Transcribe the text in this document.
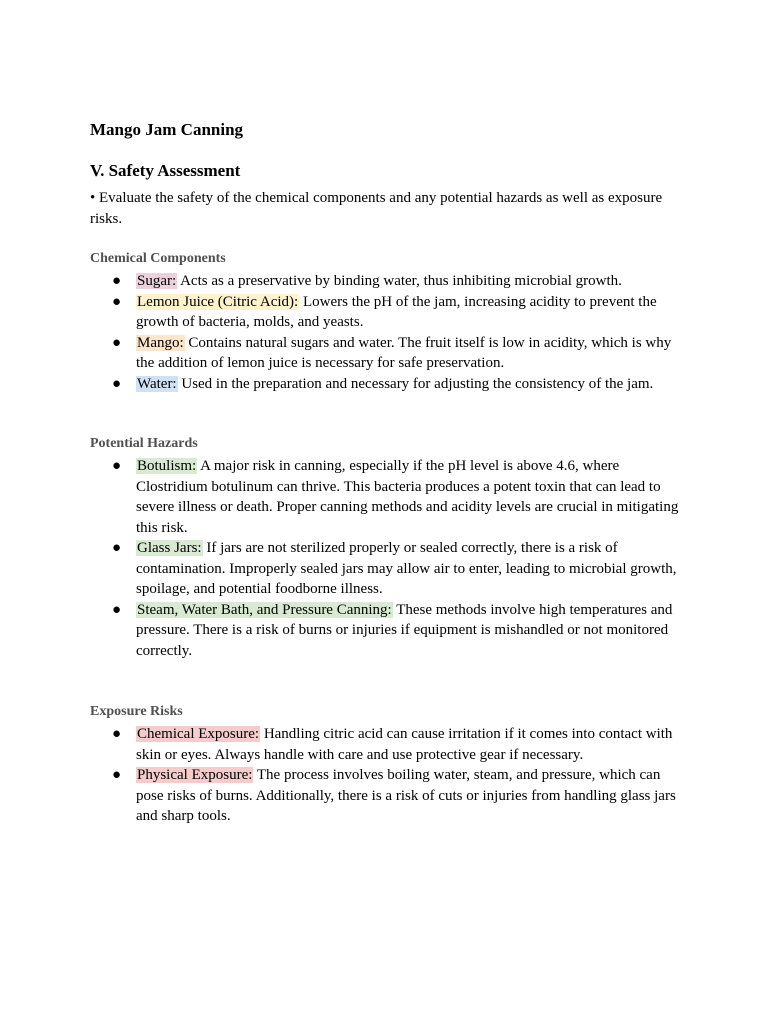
Mango Jam Canning
V. Safety Assessment

• Evaluate the safety of the chemical components and any potential hazards as well as exposure risks.

Chemical Components
● Sugar: Acts as a preservative by binding water, thus inhibiting microbial growth.
● Lemon Juice (Citric Acid): Lowers the pH of the jam, increasing acidity to prevent the growth of bacteria, molds, and yeasts.
● Mango: Contains natural sugars and water. The fruit itself is low in acidity, which is why the addition of lemon juice is necessary for safe preservation.
● Water: Used in the preparation and necessary for adjusting the consistency of the jam.
Potential Hazards
● Botulism: A major risk in canning, especially if the pH level is above 4.6, where Clostridium botulinum can thrive. This bacteria produces a potent toxin that can lead to severe illness or death. Proper canning methods and acidity levels are crucial in mitigating this risk.
● Glass Jars: If jars are not sterilized properly or sealed correctly, there is a risk of contamination. Improperly sealed jars may allow air to enter, leading to microbial growth, spoilage, and potential foodborne illness.
● Steam, Water Bath, and Pressure Canning: These methods involve high temperatures and pressure. There is a risk of burns or injuries if equipment is mishandled or not monitored correctly.
Exposure Risks
● Chemical Exposure: Handling citric acid can cause irritation if it comes into contact with skin or eyes. Always handle with care and use protective gear if necessary.
● Physical Exposure: The process involves boiling water, steam, and pressure, which can pose risks of burns. Additionally, there is a risk of cuts or injuries from handling glass jars and sharp tools.
